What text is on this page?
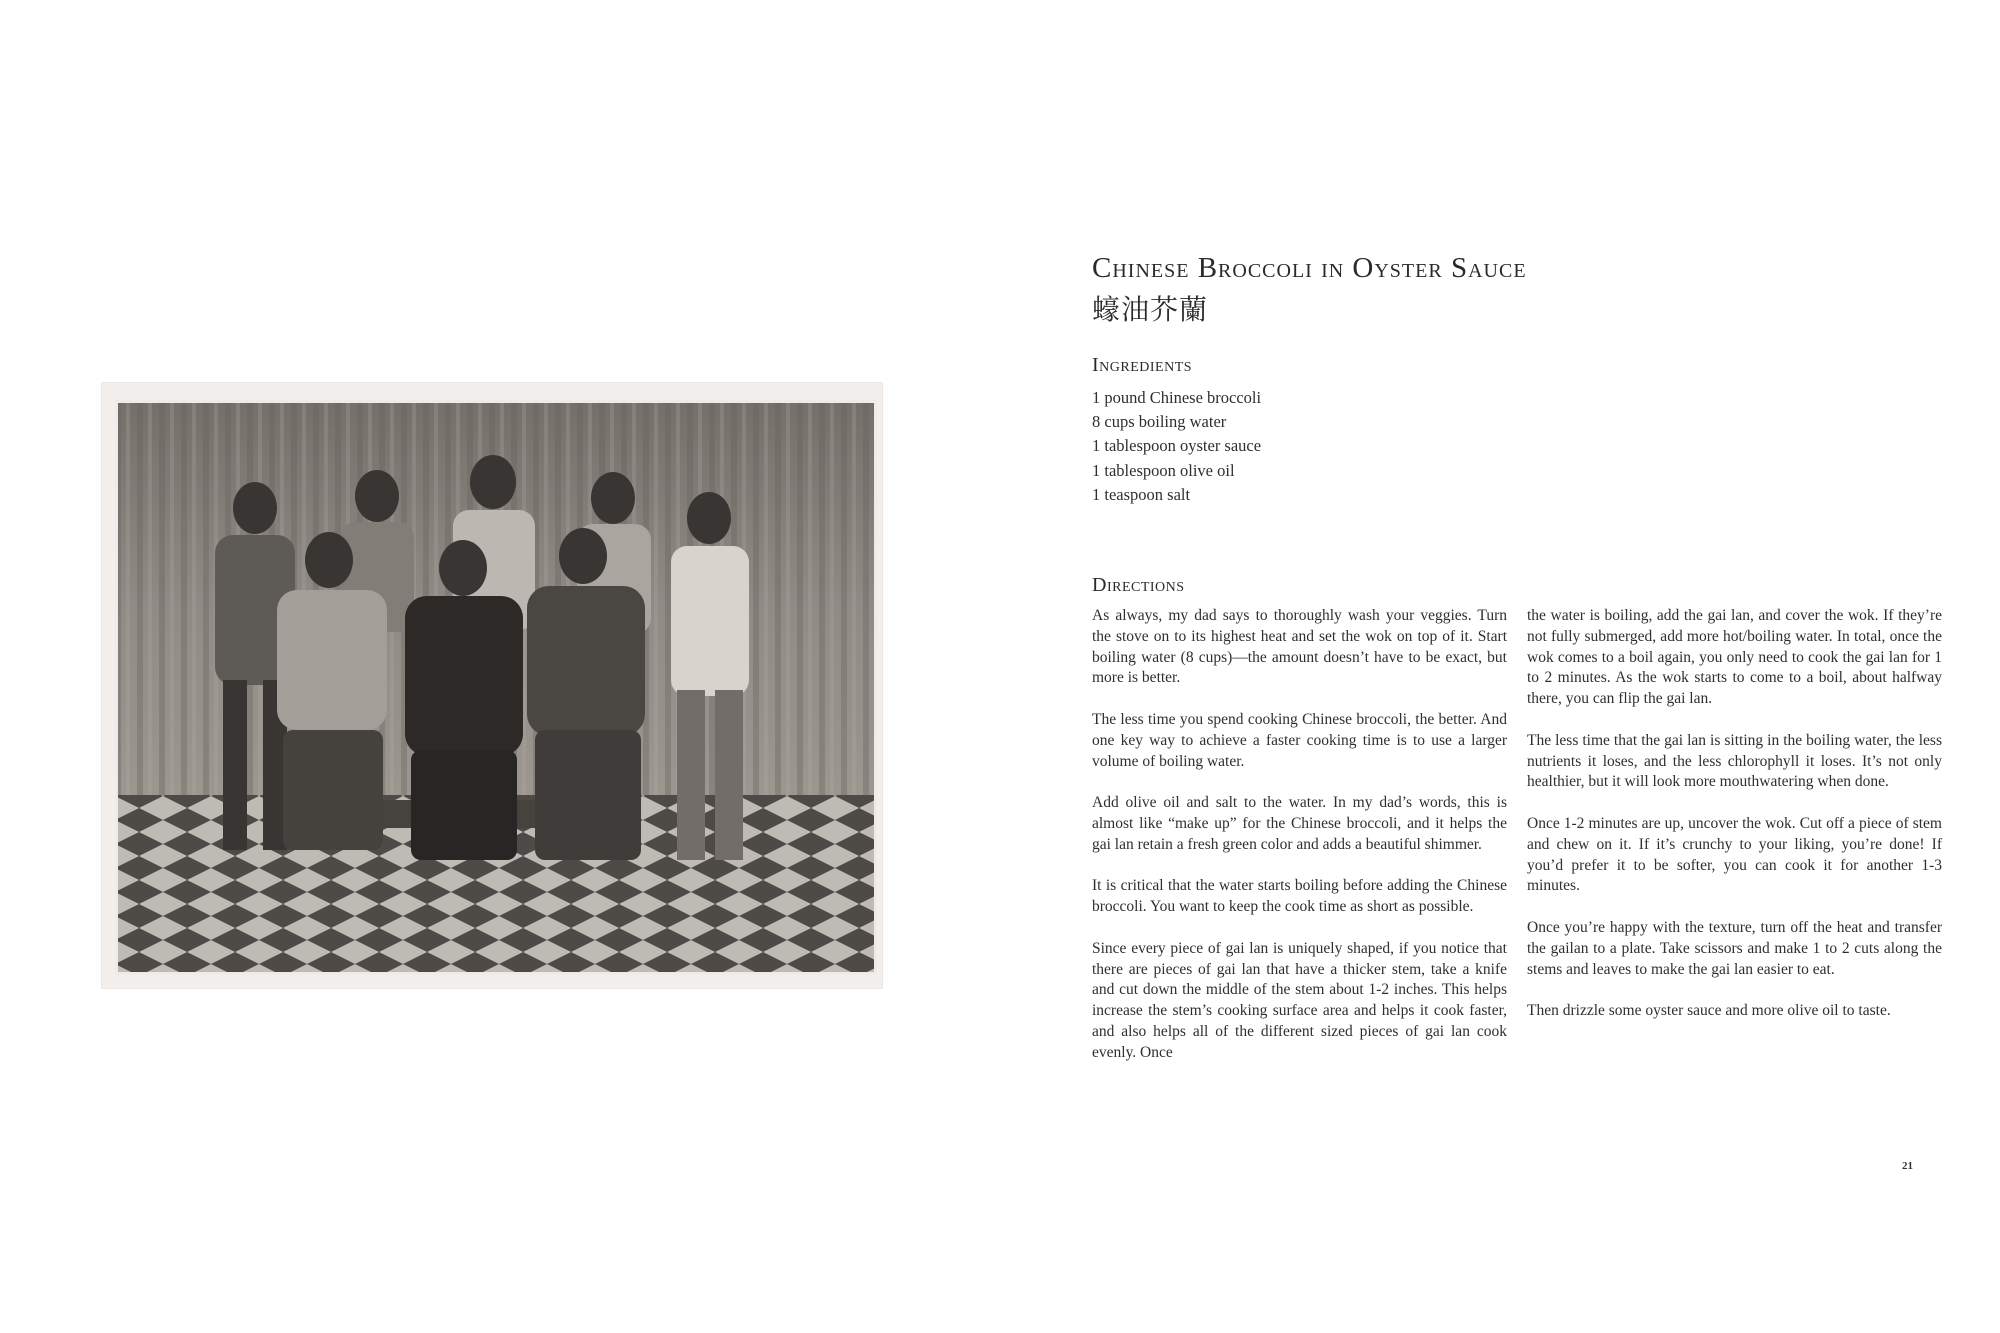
Chinese Broccoli in Oyster Sauce
蠔油芥蘭
Ingredients
1 pound Chinese broccoli
8 cups boiling water
1 tablespoon oyster sauce
1 tablespoon olive oil
1 teaspoon salt
Directions

As always, my dad says to thoroughly wash your veggies. Turn the stove on to its highest heat and set the wok on top of it. Start boiling water (8 cups)—the amount doesn’t have to be exact, but more is better.

The less time you spend cooking Chinese broccoli, the better. And one key way to achieve a faster cooking time is to use a larger volume of boiling water.

Add olive oil and salt to the water. In my dad’s words, this is almost like “make up” for the Chinese broccoli, and it helps the gai lan retain a fresh green color and adds a beautiful shimmer.

It is critical that the water starts boiling before adding the Chinese broccoli. You want to keep the cook time as short as possible.

Since every piece of gai lan is uniquely shaped, if you notice that there are pieces of gai lan that have a thicker stem, take a knife and cut down the middle of the stem about 1-2 inches. This helps increase the stem’s cooking surface area and helps it cook faster, and also helps all of the different sized pieces of gai lan cook evenly. Once

the water is boiling, add the gai lan, and cover the wok. If they’re not fully submerged, add more hot/boiling water. In total, once the wok comes to a boil again, you only need to cook the gai lan for 1 to 2 minutes. As the wok starts to come to a boil, about halfway there, you can flip the gai lan.

The less time that the gai lan is sitting in the boiling water, the less nutrients it loses, and the less chlorophyll it loses. It’s not only healthier, but it will look more mouthwatering when done.

Once 1-2 minutes are up, uncover the wok. Cut off a piece of stem and chew on it. If it’s crunchy to your liking, you’re done! If you’d prefer it to be softer, you can cook it for another 1-3 minutes.

Once you’re happy with the texture, turn off the heat and transfer the gailan to a plate. Take scissors and make 1 to 2 cuts along the stems and leaves to make the gai lan easier to eat.

Then drizzle some oyster sauce and more olive oil to taste.

21
